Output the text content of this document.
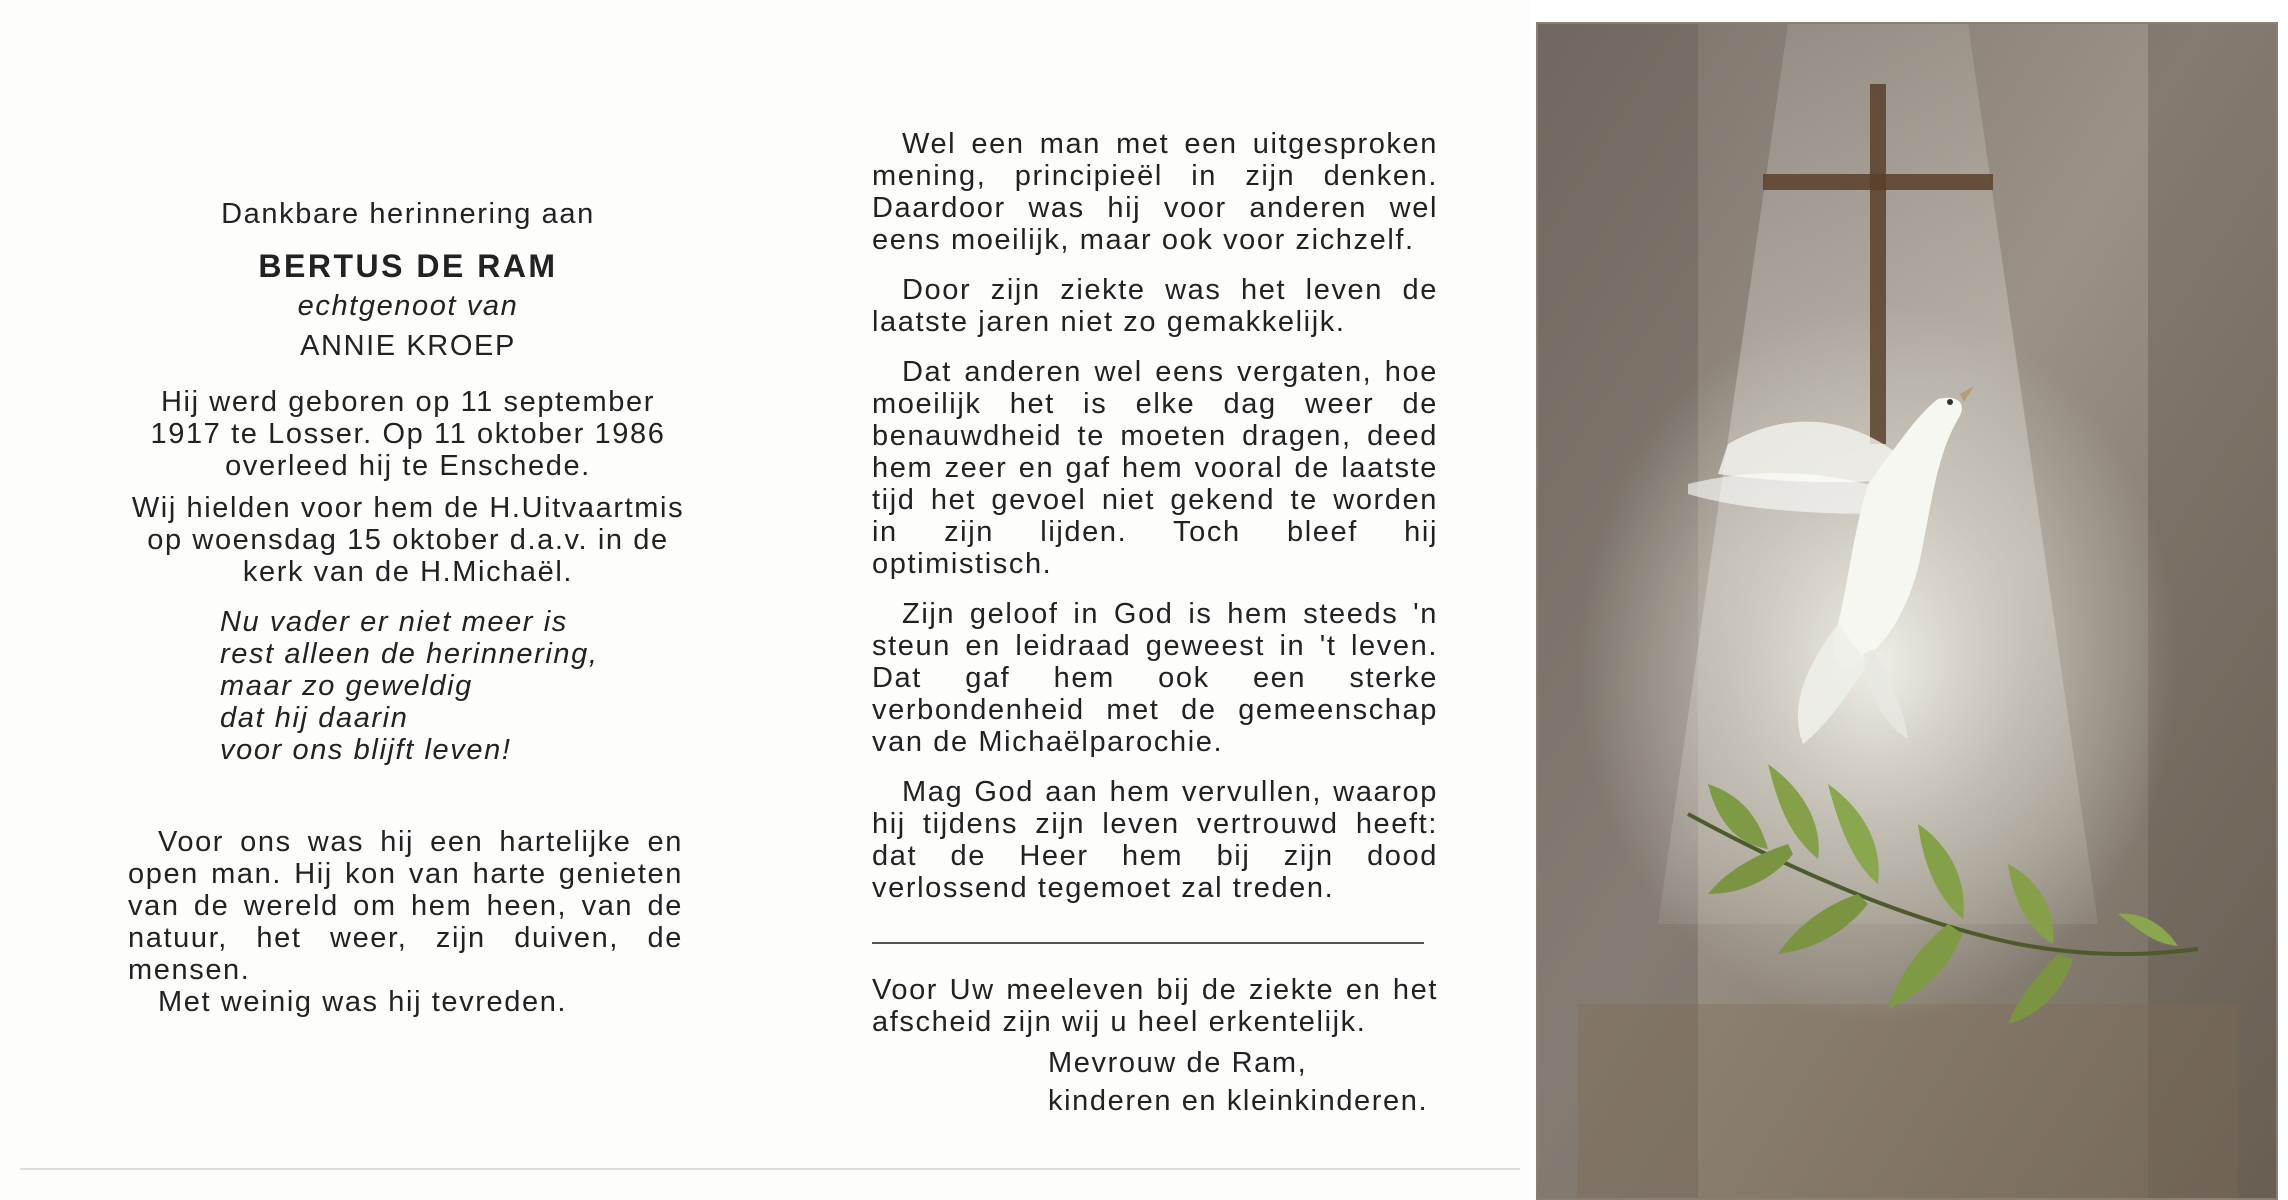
Dankbare herinnering aan

BERTUS DE RAM

echtgenoot van

ANNIE KROEP

Hij werd geboren op 11 september 1917 te Losser. Op 11 oktober 1986 overleed hij te Enschede.

Wij hielden voor hem de H.Uitvaartmis op woensdag 15 oktober d.a.v. in de kerk van de H.Michaël.

Nu vader er niet meer is
rest alleen de herinnering,
maar zo geweldig
dat hij daarin
voor ons blijft leven!

Voor ons was hij een hartelijke en open man. Hij kon van harte genieten van de wereld om hem heen, van de natuur, het weer, zijn duiven, de mensen.

Met weinig was hij tevreden.

Wel een man met een uitgesproken mening, principieël in zijn denken. Daardoor was hij voor anderen wel eens moeilijk, maar ook voor zichzelf.

Door zijn ziekte was het leven de laatste jaren niet zo gemakkelijk.

Dat anderen wel eens vergaten, hoe moeilijk het is elke dag weer de benauwdheid te moeten dragen, deed hem zeer en gaf hem vooral de laatste tijd het gevoel niet gekend te worden in zijn lijden. Toch bleef hij optimistisch.

Zijn geloof in God is hem steeds 'n steun en leidraad geweest in 't leven. Dat gaf hem ook een sterke verbondenheid met de gemeenschap van de Michaëlparochie.

Mag God aan hem vervullen, waarop hij tijdens zijn leven vertrouwd heeft: dat de Heer hem bij zijn dood verlossend tegemoet zal treden.

Voor Uw meeleven bij de ziekte en het afscheid zijn wij u heel erkentelijk.

Mevrouw de Ram,
kinderen en kleinkinderen.
